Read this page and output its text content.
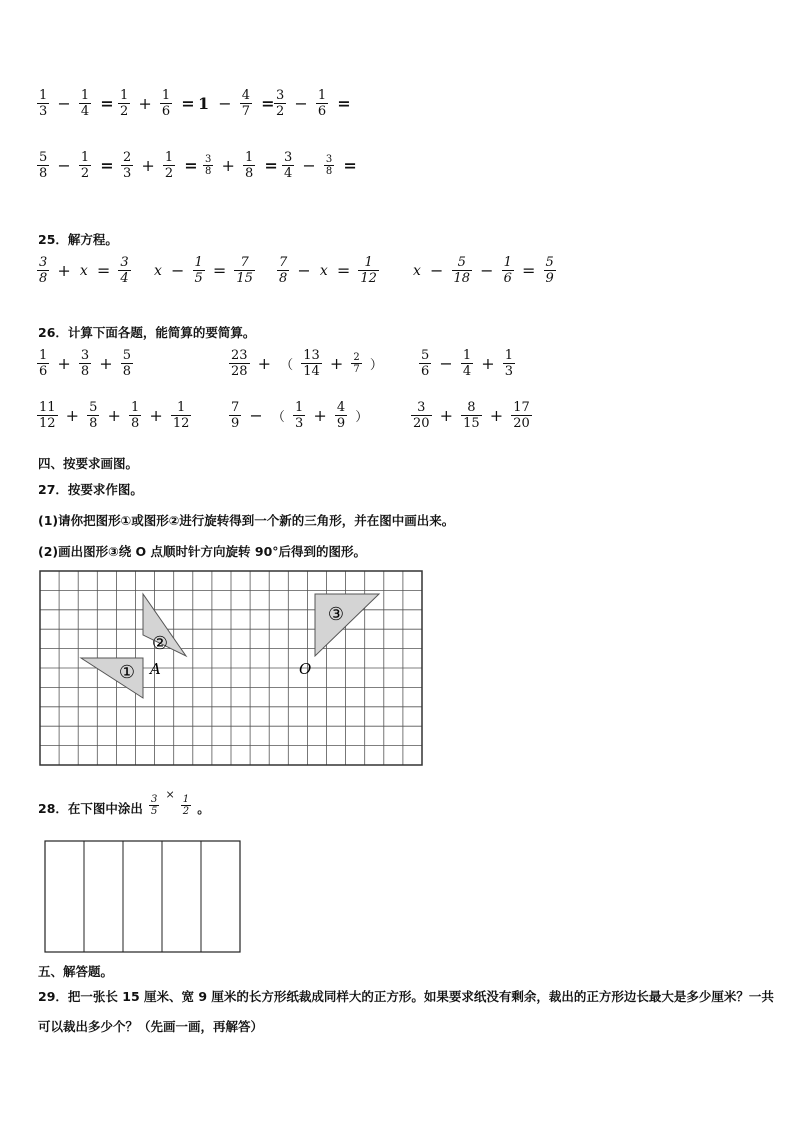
$\frac{1}{3} - \frac{1}{4} = \frac{1}{2} + \frac{1}{6} = 1 - \frac{4}{7} = \frac{3}{2} - \frac{1}{6}$ =
$\frac{5}{8} - \frac{1}{2} = \frac{2}{3} + \frac{1}{2} = \frac{3}{8} + \frac{1}{8} = \frac{3}{4} - \frac{3}{8}$ =
25．解方程。
$\frac{3}{8} + x = \frac{3}{4}$ $x - \frac{1}{5} = \frac{7}{15} \frac{7}{8} - x = \frac{1}{12}$ $x - \frac{5}{18} - \frac{1}{6} = \frac{5}{9}$
26．计算下面各题，能简算的要简算。
$\frac{1}{6} + \frac{3}{8} + \frac{5}{8}$	$\frac{23}{28}$ + （ $\frac{13}{14} + \frac{2}{7}$ ）	$\frac{5}{6} - \frac{1}{4} + \frac{1}{3}$
$\frac{11}{12} + \frac{5}{8} + \frac{1}{8} + \frac{1}{12}$	$\frac{7}{9}$ − （ $\frac{1}{3} + \frac{4}{9}$ ）	$\frac{3}{20} + \frac{8}{15} + \frac{17}{20}$
四、按要求画图。
27．按要求作图。
(1)请你把图形①或图形②进行旋转得到一个新的三角形，并在图中画出来。
(2)画出图形③绕 O 点顺时针方向旋转 90°后得到的图形。
①
②
③
A	O
28．在下图中涂出 $\frac{3}{5} ^\times \frac{1}{2}$ 。
五、解答题。
29．把一张长 15 厘米、宽 9 厘米的长方形纸裁成同样大的正方形。如果要求纸没有剩余，裁出的正方形边长最大是多少厘米？一共可以裁出多少个？（先画一画，再解答）
